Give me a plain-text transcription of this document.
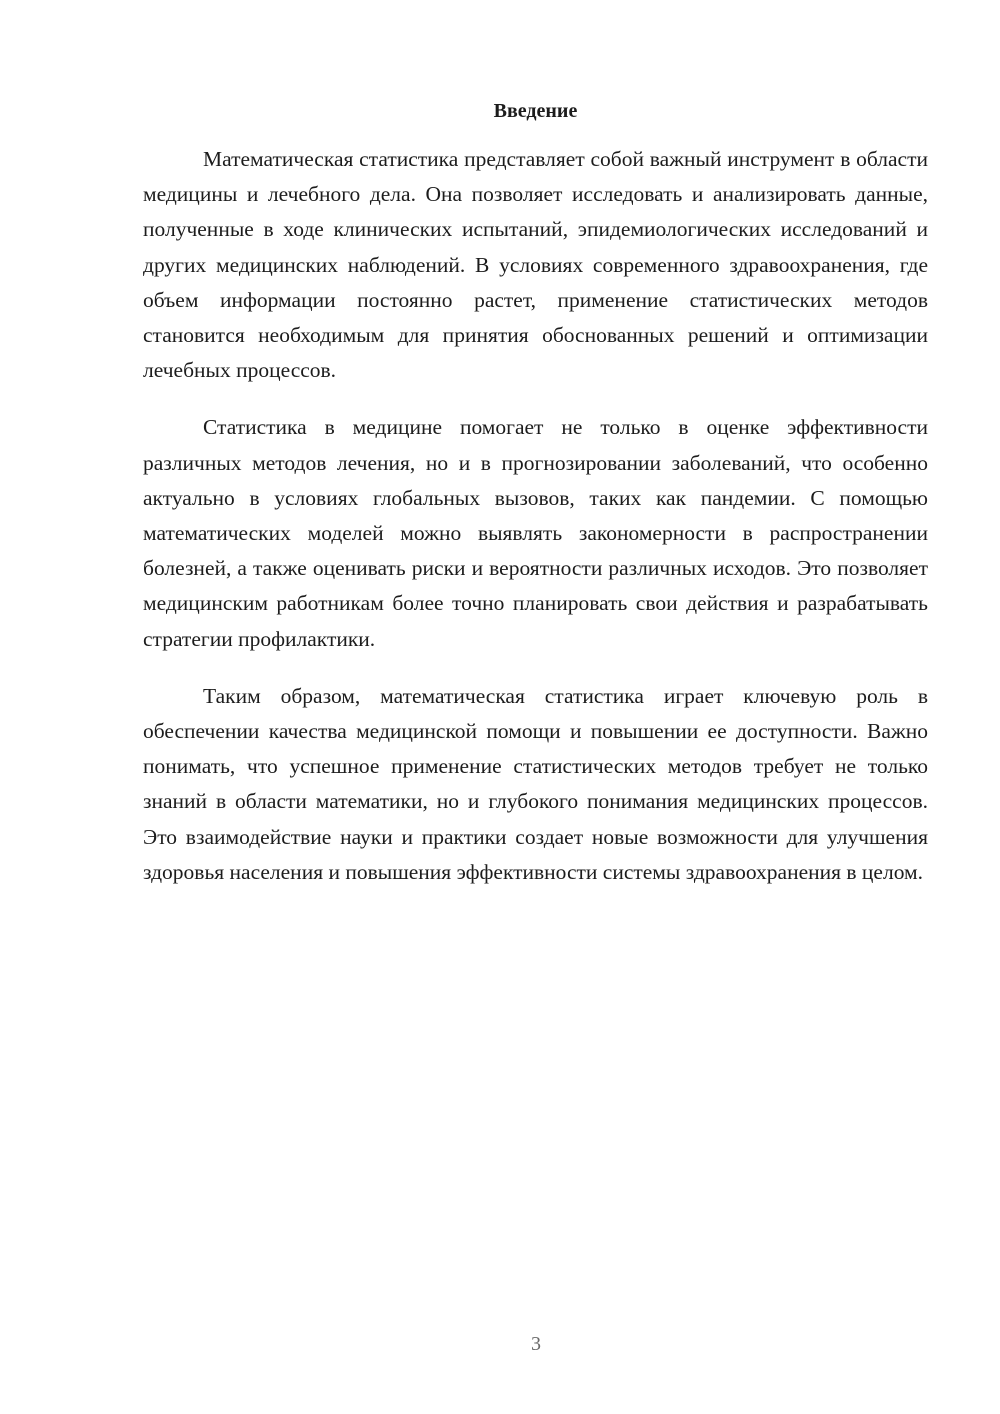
Введение

Математическая статистика представляет собой важный инструмент в области медицины и лечебного дела. Она позволяет исследовать и анализировать данные, полученные в ходе клинических испытаний, эпидемиологических исследований и других медицинских наблюдений. В условиях современного здравоохранения, где объем информации постоянно растет, применение статистических методов становится необходимым для принятия обоснованных решений и оптимизации лечебных процессов.

Статистика в медицине помогает не только в оценке эффективности различных методов лечения, но и в прогнозировании заболеваний, что особенно актуально в условиях глобальных вызовов, таких как пандемии. С помощью математических моделей можно выявлять закономерности в распространении болезней, а также оценивать риски и вероятности различных исходов. Это позволяет медицинским работникам более точно планировать свои действия и разрабатывать стратегии профилактики.

Таким образом, математическая статистика играет ключевую роль в обеспечении качества медицинской помощи и повышении ее доступности. Важно понимать, что успешное применение статистических методов требует не только знаний в области математики, но и глубокого понимания медицинских процессов. Это взаимодействие науки и практики создает новые возможности для улучшения здоровья населения и повышения эффективности системы здравоохранения в целом.

3
